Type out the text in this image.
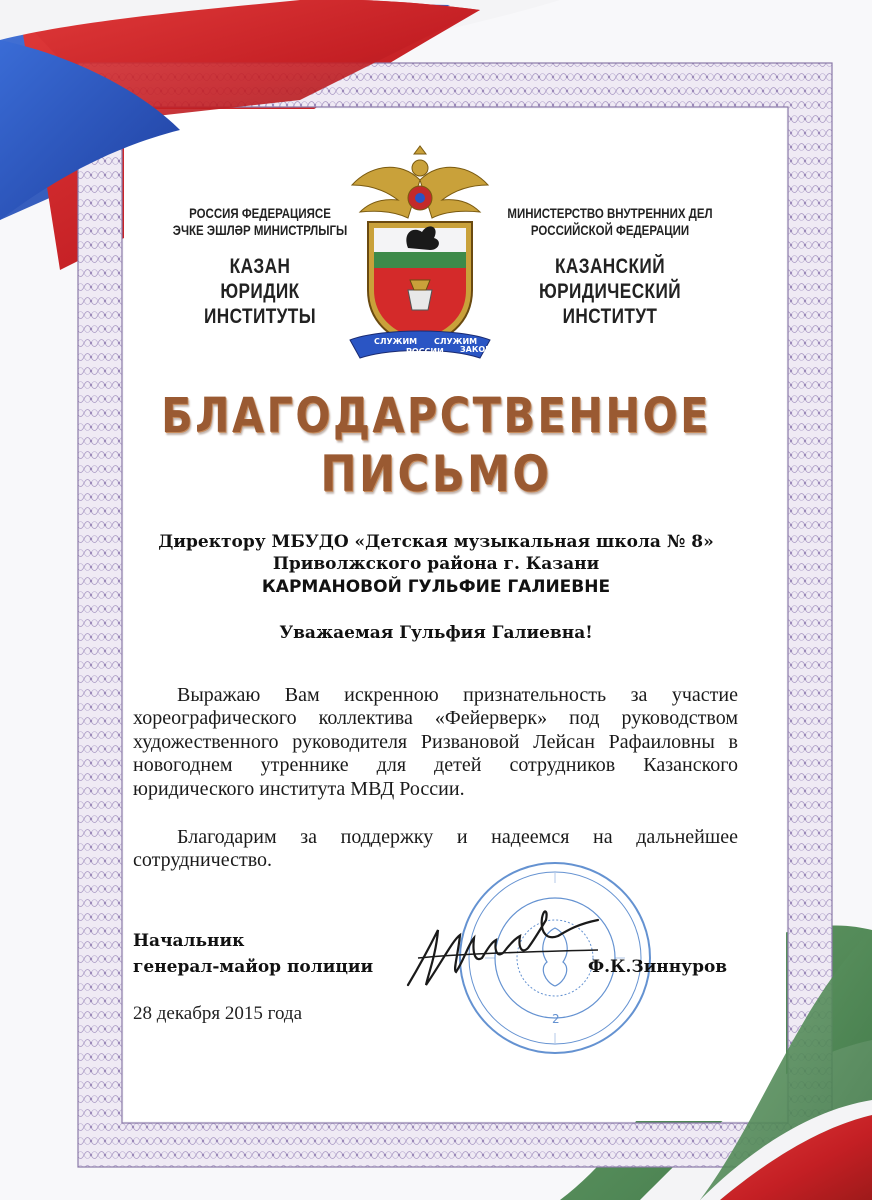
РОССИЯ ФЕДЕРАЦИЯСЕ
ЭЧКЕ ЭШЛӘР МИНИСТРЛЫГЫ
КАЗАН
ЮРИДИК
ИНСТИТУТЫ
МИНИСТЕРСТВО ВНУТРЕННИХ ДЕЛ
РОССИЙСКОЙ ФЕДЕРАЦИИ
КАЗАНСКИЙ
ЮРИДИЧЕСКИЙ
ИНСТИТУТ
СЛУЖИМ
РОССИИ
СЛУЖИМ
ЗАКОНУ
БЛАГОДАРСТВЕННОЕ
ПИСЬМО
Директору МБУДО «Детская музыкальная школа № 8»
Приволжского района г. Казани
КАРМАНОВОЙ ГУЛЬФИЕ ГАЛИЕВНЕ
Уважаемая Гульфия Галиевна!

Выражаю Вам искренною признательность за участие хореографического коллектива «Фейерверк» под руководством художественного руководителя Ризвановой Лейсан Рафаиловны в новогоднем утреннике для детей сотрудников Казанского юридического института МВД России.

Благодарим за поддержку и надеемся на дальнейшее сотрудничество.

2
Начальник
генерал-майор полиции	Ф.К.Зиннуров
28 декабря 2015 года
